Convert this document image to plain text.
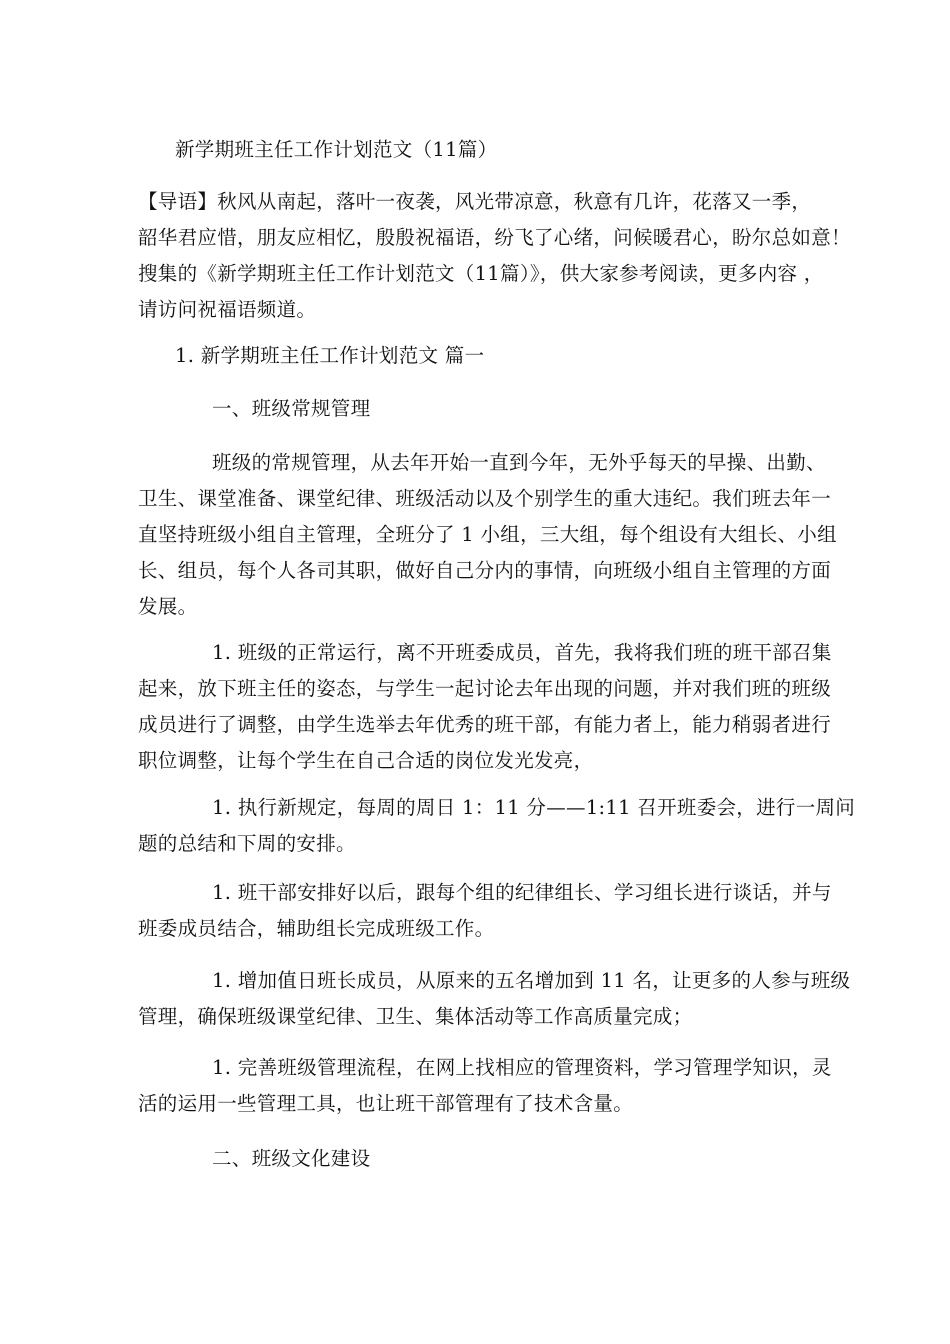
新学期班主任工作计划范文（11篇）
【导语】秋风从南起，落叶一夜袭，风光带凉意，秋意有几许，花落又一季，
韶华君应惜，朋友应相忆，殷殷祝福语，纷飞了心绪，问候暖君心，盼尔总如意！
搜集的《新学期班主任工作计划范文（11篇）》，供大家参考阅读，更多内容 ，
请访问祝福语频道。
1. 新学期班主任工作计划范文 篇一
一、班级常规管理
班级的常规管理，从去年开始一直到今年，无外乎每天的早操、出勤、
卫生、课堂准备、课堂纪律、班级活动以及个别学生的重大违纪。我们班去年一
直坚持班级小组自主管理，全班分了 1 小组，三大组，每个组设有大组长、小组
长、组员，每个人各司其职，做好自己分内的事情，向班级小组自主管理的方面
发展。
1. 班级的正常运行，离不开班委成员，首先，我将我们班的班干部召集
起来，放下班主任的姿态，与学生一起讨论去年出现的问题，并对我们班的班级
成员进行了调整，由学生选举去年优秀的班干部，有能力者上，能力稍弱者进行
职位调整，让每个学生在自己合适的岗位发光发亮，
1. 执行新规定，每周的周日 1：11 分——1:11 召开班委会，进行一周问
题的总结和下周的安排。
1. 班干部安排好以后，跟每个组的纪律组长、学习组长进行谈话，并与
班委成员结合，辅助组长完成班级工作。
1. 增加值日班长成员，从原来的五名增加到 11 名，让更多的人参与班级
管理，确保班级课堂纪律、卫生、集体活动等工作高质量完成；
1. 完善班级管理流程，在网上找相应的管理资料，学习管理学知识，灵
活的运用一些管理工具，也让班干部管理有了技术含量。
二、班级文化建设
